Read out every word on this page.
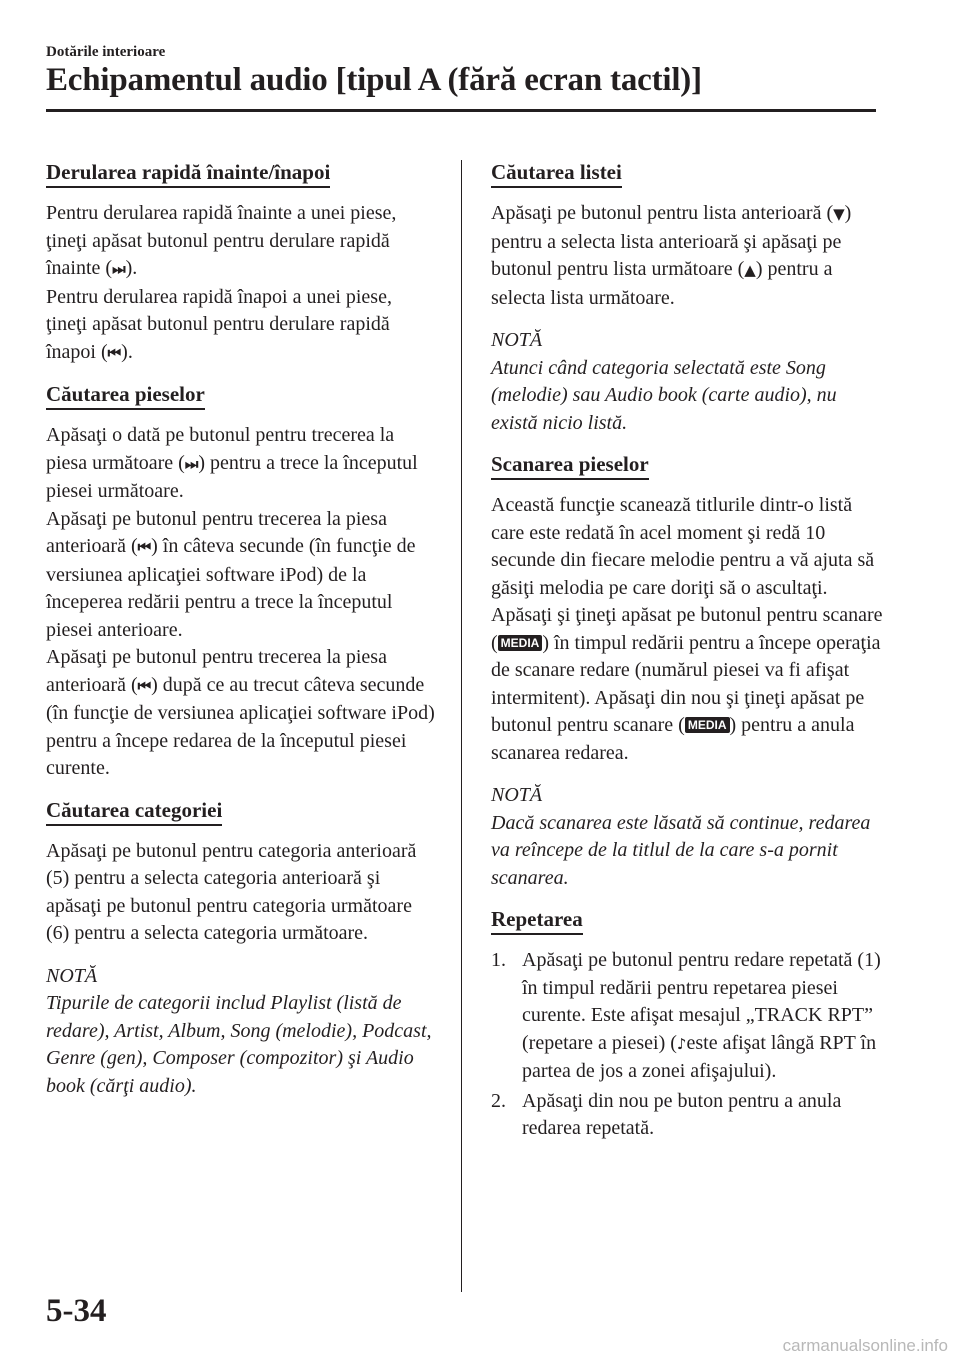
Dotările interioare
Echipamentul audio [tipul A (fără ecran tactil)]
Derularea rapidă înainte/înapoi

Pentru derularea rapidă înainte a unei piese, ţineţi apăsat butonul pentru derulare rapidă înainte (⏭).
Pentru derularea rapidă înapoi a unei piese, ţineţi apăsat butonul pentru derulare rapidă înapoi (⏮).

Căutarea pieselor

Apăsaţi o dată pe butonul pentru trecerea la piesa următoare (⏭) pentru a trece la începutul piesei următoare.
Apăsaţi pe butonul pentru trecerea la piesa anterioară (⏮) în câteva secunde (în funcţie de versiunea aplicaţiei software iPod) de la începerea redării pentru a trece la începutul piesei anterioare.
Apăsaţi pe butonul pentru trecerea la piesa anterioară (⏮) după ce au trecut câteva secunde (în funcţie de versiunea aplicaţiei software iPod) pentru a începe redarea de la începutul piesei curente.

Căutarea categoriei

Apăsaţi pe butonul pentru categoria anterioară (5) pentru a selecta categoria anterioară şi apăsaţi pe butonul pentru categoria următoare (6) pentru a selecta categoria următoare.

NOTĂ
Tipurile de categorii includ Playlist (listă de redare), Artist, Album, Song (melodie), Podcast, Genre (gen), Composer (compozitor) şi Audio book (cărţi audio).
Căutarea listei

Apăsaţi pe butonul pentru lista anterioară (▼) pentru a selecta lista anterioară şi apăsaţi pe butonul pentru lista următoare (▲) pentru a selecta lista următoare.

NOTĂ
Atunci când categoria selectată este Song (melodie) sau Audio book (carte audio), nu există nicio listă.
Scanarea pieselor

Această funcţie scanează titlurile dintr-o listă care este redată în acel moment şi redă 10 secunde din fiecare melodie pentru a vă ajuta să găsiţi melodia pe care doriţi să o ascultaţi.
Apăsaţi şi ţineţi apăsat pe butonul pentru scanare ( MEDIA ) în timpul redării pentru a începe operaţia de scanare redare (numărul piesei va fi afişat intermitent). Apăsaţi din nou şi ţineţi apăsat pe butonul pentru scanare ( MEDIA ) pentru a anula scanarea redarea.

NOTĂ
Dacă scanarea este lăsată să continue, redarea va reîncepe de la titlul de la care s-a pornit scanarea.
Repetarea
1. Apăsaţi pe butonul pentru redare repetată (1) în timpul redării pentru repetarea piesei curente. Este afişat mesajul „TRACK RPT” (repetare a piesei) (♪este afişat lângă RPT în partea de jos a zonei afişajului).
2. Apăsaţi din nou pe buton pentru a anula redarea repetată.
5-34
carmanualsonline.info
